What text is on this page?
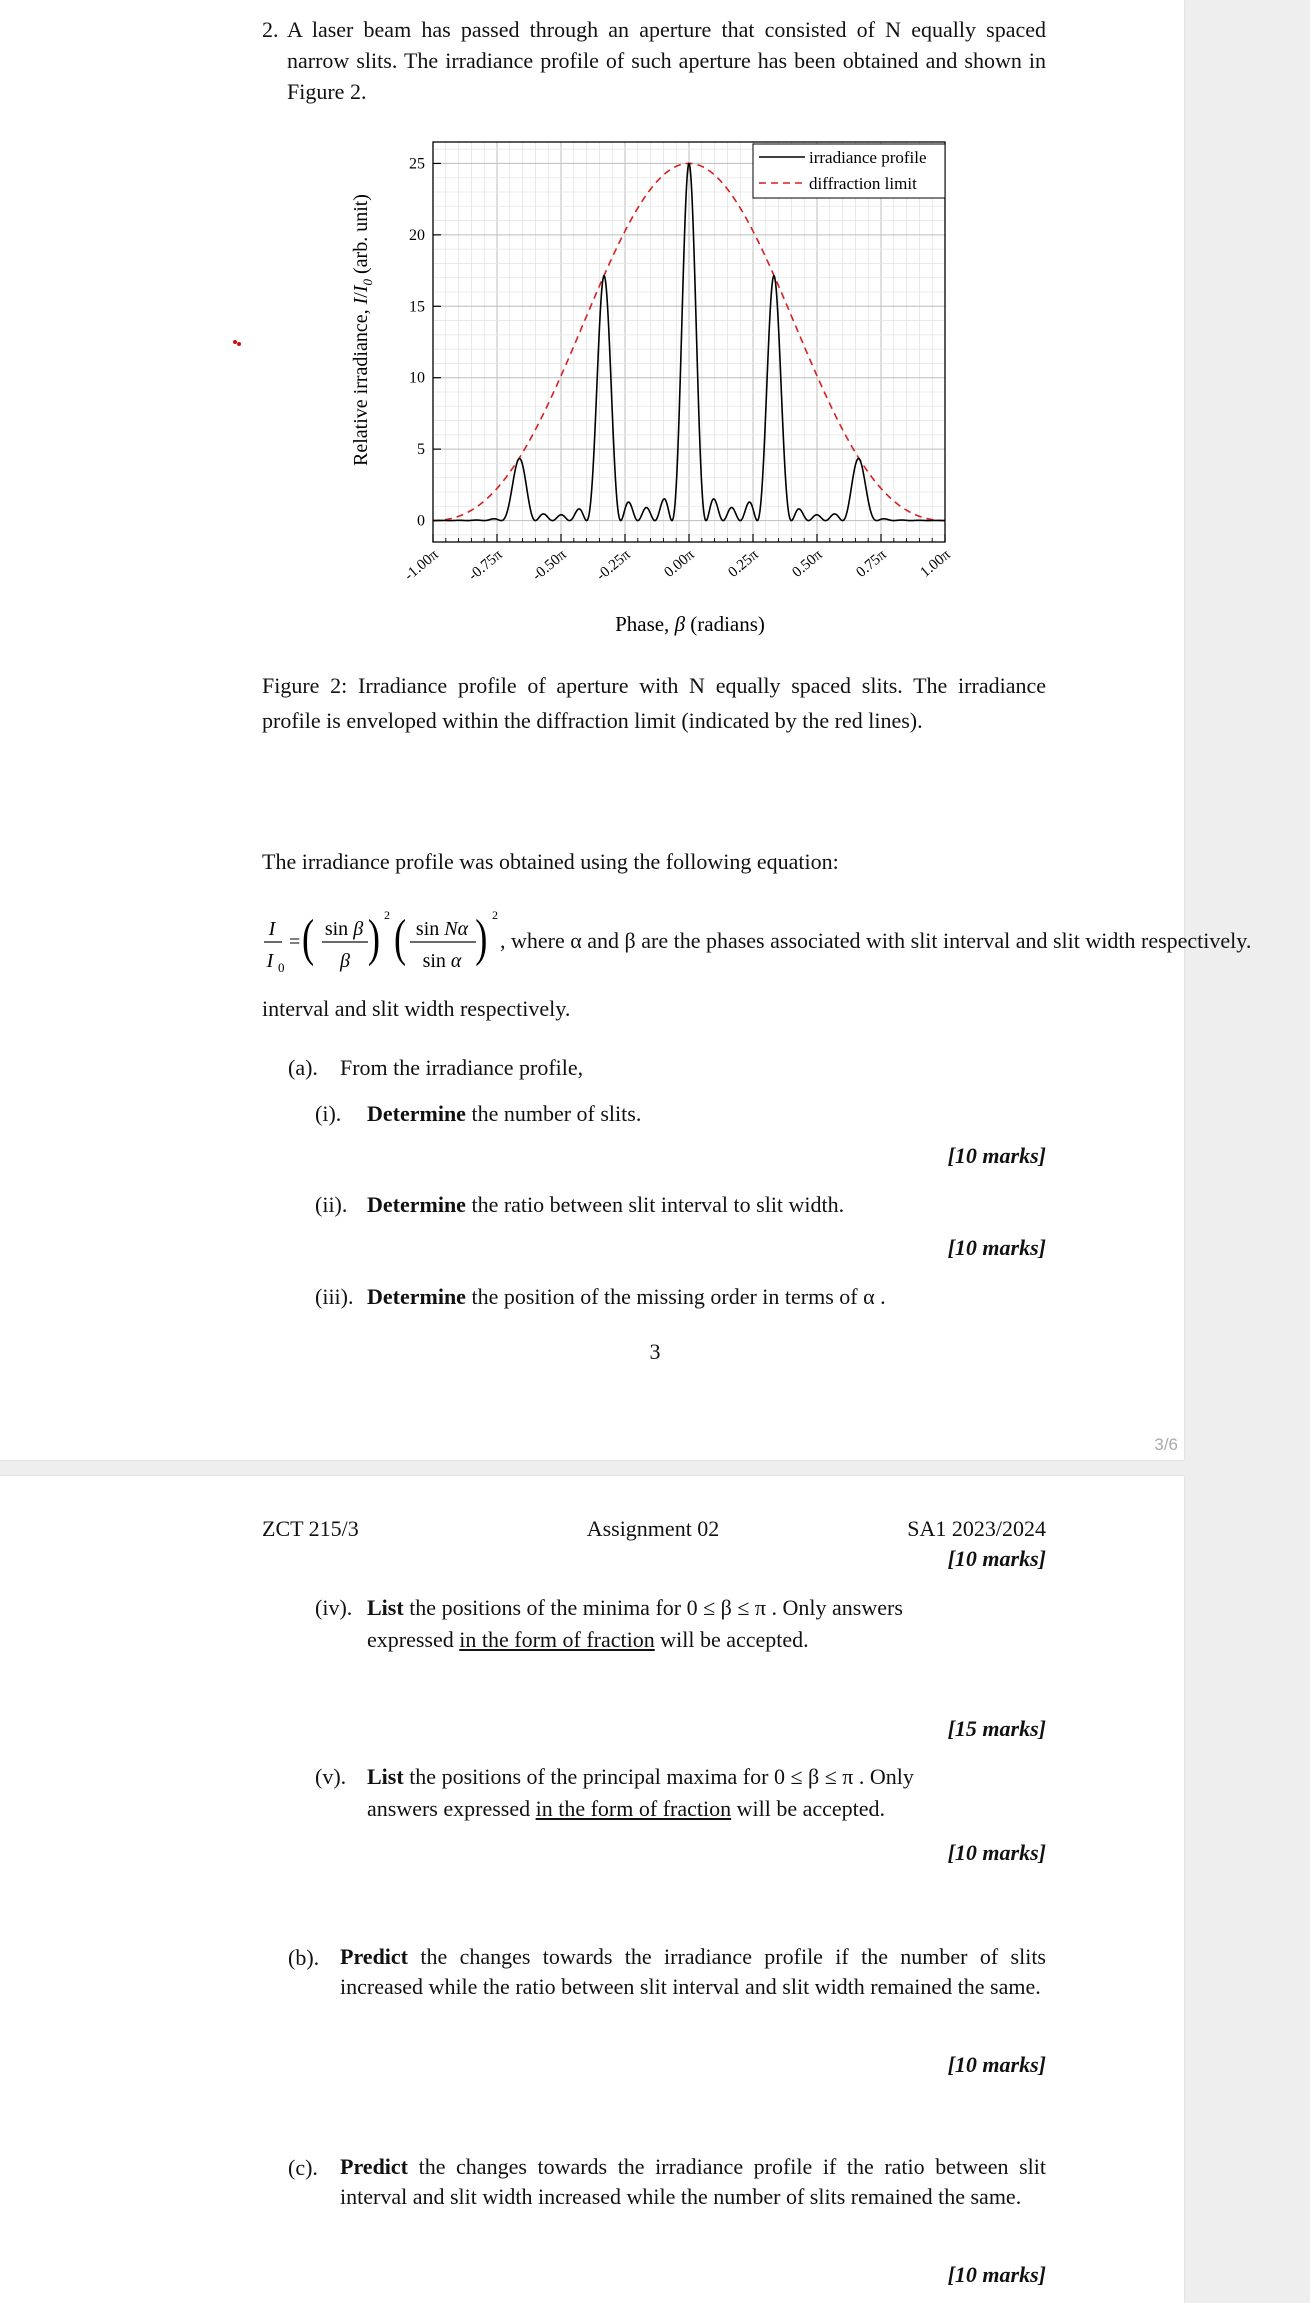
2. A laser beam has passed through an aperture that consisted of N equally spaced narrow slits. The irradiance profile of such aperture has been obtained and shown in Figure 2.
-1.00π -0.75π -0.50π -0.25π 0.00π 0.25π 0.50π 0.75π 1.00π
0
5
10
15
20
25	irradiance profile
diffraction limit
Relative irradiance, $I/I_0$ (arb. unit)
Phase, β (radians)
Figure 2: Irradiance profile of aperture with N equally spaced slits. The irradiance profile is enveloped within the diffraction limit (indicated by the red lines).
The irradiance profile was obtained using the following equation:
I
I 0
= ( sin β
β ) 2 ( sin Nα
sin α ) 2
, where α and β are the phases associated with slit interval and slit width respectively.
interval and slit width respectively.
(a). From the irradiance profile,
(i). Determine the number of slits.
[10 marks]
(ii). Determine the ratio between slit interval to slit width.
[10 marks]
(iii). Determine the position of the missing order in terms of α .
3
3/6
ZCT 215/3	Assignment 02	SA1 2023/2024
[10 marks]
(iv). List the positions of the minima for 0 ≤ β ≤ π . Only answers
expressed in the form of fraction will be accepted.
[15 marks]
(v). List the positions of the principal maxima for 0 ≤ β ≤ π . Only
answers expressed in the form of fraction will be accepted.
[10 marks]
(b). Predict the changes towards the irradiance profile if the number of slits increased while the ratio between slit interval and slit width remained the same.
[10 marks]
(c). Predict the changes towards the irradiance profile if the ratio between slit interval and slit width increased while the number of slits remained the same.
[10 marks]
